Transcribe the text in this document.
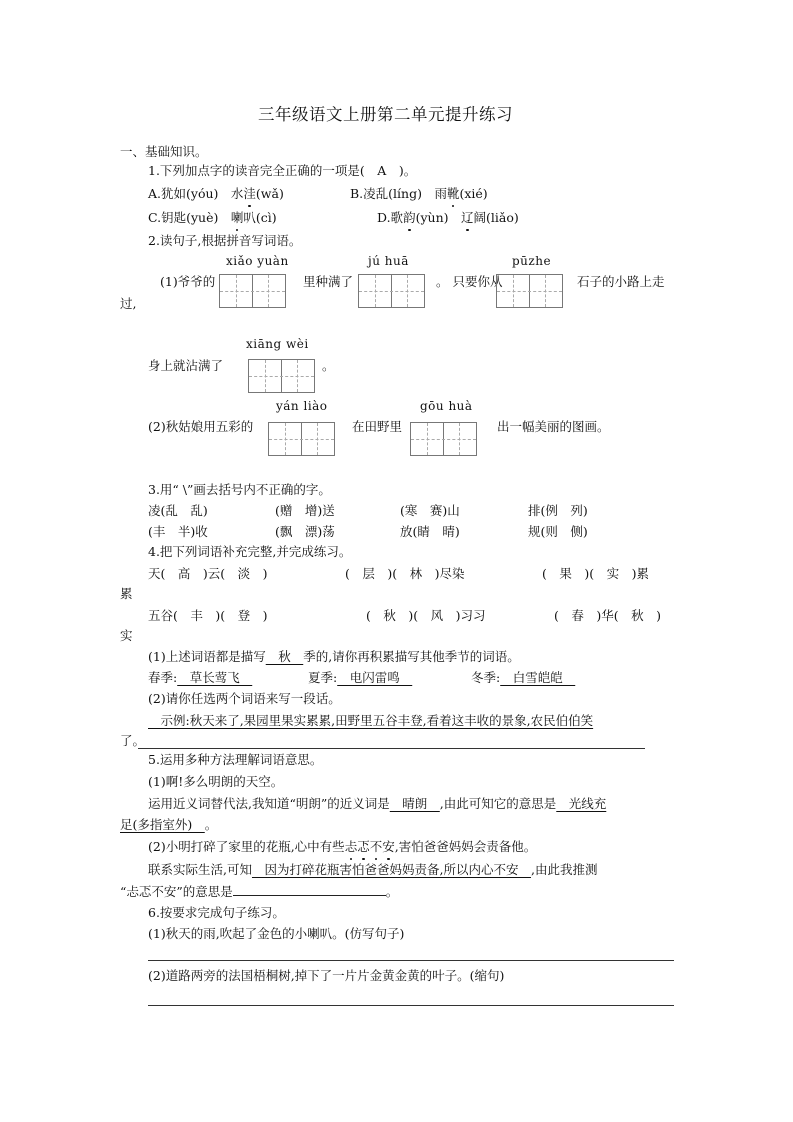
三年级语文上册第二单元提升练习
一、基础知识。
1.下列加点字的读音完全正确的一项是(　A　)。
A.犹如(yóu)　水洼(wǎ)	B.凌乱(líng)　雨靴(xié)
C.钥匙(yuè)　喇叭(cì)	D.歌韵(yùn)　辽阔(liǎo)
2.读句子,根据拼音写词语。
xiǎo yuàn	jú huā	pūzhe
(1)爷爷的	里种满了	。 只要你从	石子的小路上走
过,
xiāng wèi
身上就沾满了	。
yán liào	gōu huà
(2)秋姑娘用五彩的	在田野里	出一幅美丽的图画。
3.用“ \”画去括号内不正确的字。
凌(乱　乱)	(赠　增)送	(寒　赛)山	排(例　列)
(丰　半)收	(飘　漂)荡	放(睛　晴)	规(则　侧)
4.把下列词语补充完整,并完成练习。
天(　高　)云(　淡　)	(　层　)(　林　)尽染	(　果　)(　实　)累
累
五谷(　丰　)(　登　)	(　秋　)(　风　)习习	(　春　)华(　秋　)
实
(1)上述词语都是描写　秋　季的,请你再积累描写其他季节的词语。
春季:　草长莺飞　	夏季:　电闪雷鸣　	冬季:　白雪皑皑　
(2)请你任选两个词语来写一段话。
　示例:秋天来了,果园里果实累累,田野里五谷丰登,看着这丰收的景象,农民伯伯笑
了。
5.运用多种方法理解词语意思。
(1)啊!多么明朗的天空。
运用近义词替代法,我知道“明朗”的近义词是　晴朗　,由此可知它的意思是　光线充
足(多指室外)　。
(2)小明打碎了家里的花瓶,心中有些忐忑不安,害怕爸爸妈妈会责备他。
联系实际生活,可知　因为打碎花瓶害怕爸爸妈妈责备,所以内心不安　,由此我推测
“忐忑不安”的意思是	。
6.按要求完成句子练习。
(1)秋天的雨,吹起了金色的小喇叭。(仿写句子)
(2)道路两旁的法国梧桐树,掉下了一片片金黄金黄的叶子。(缩句)
